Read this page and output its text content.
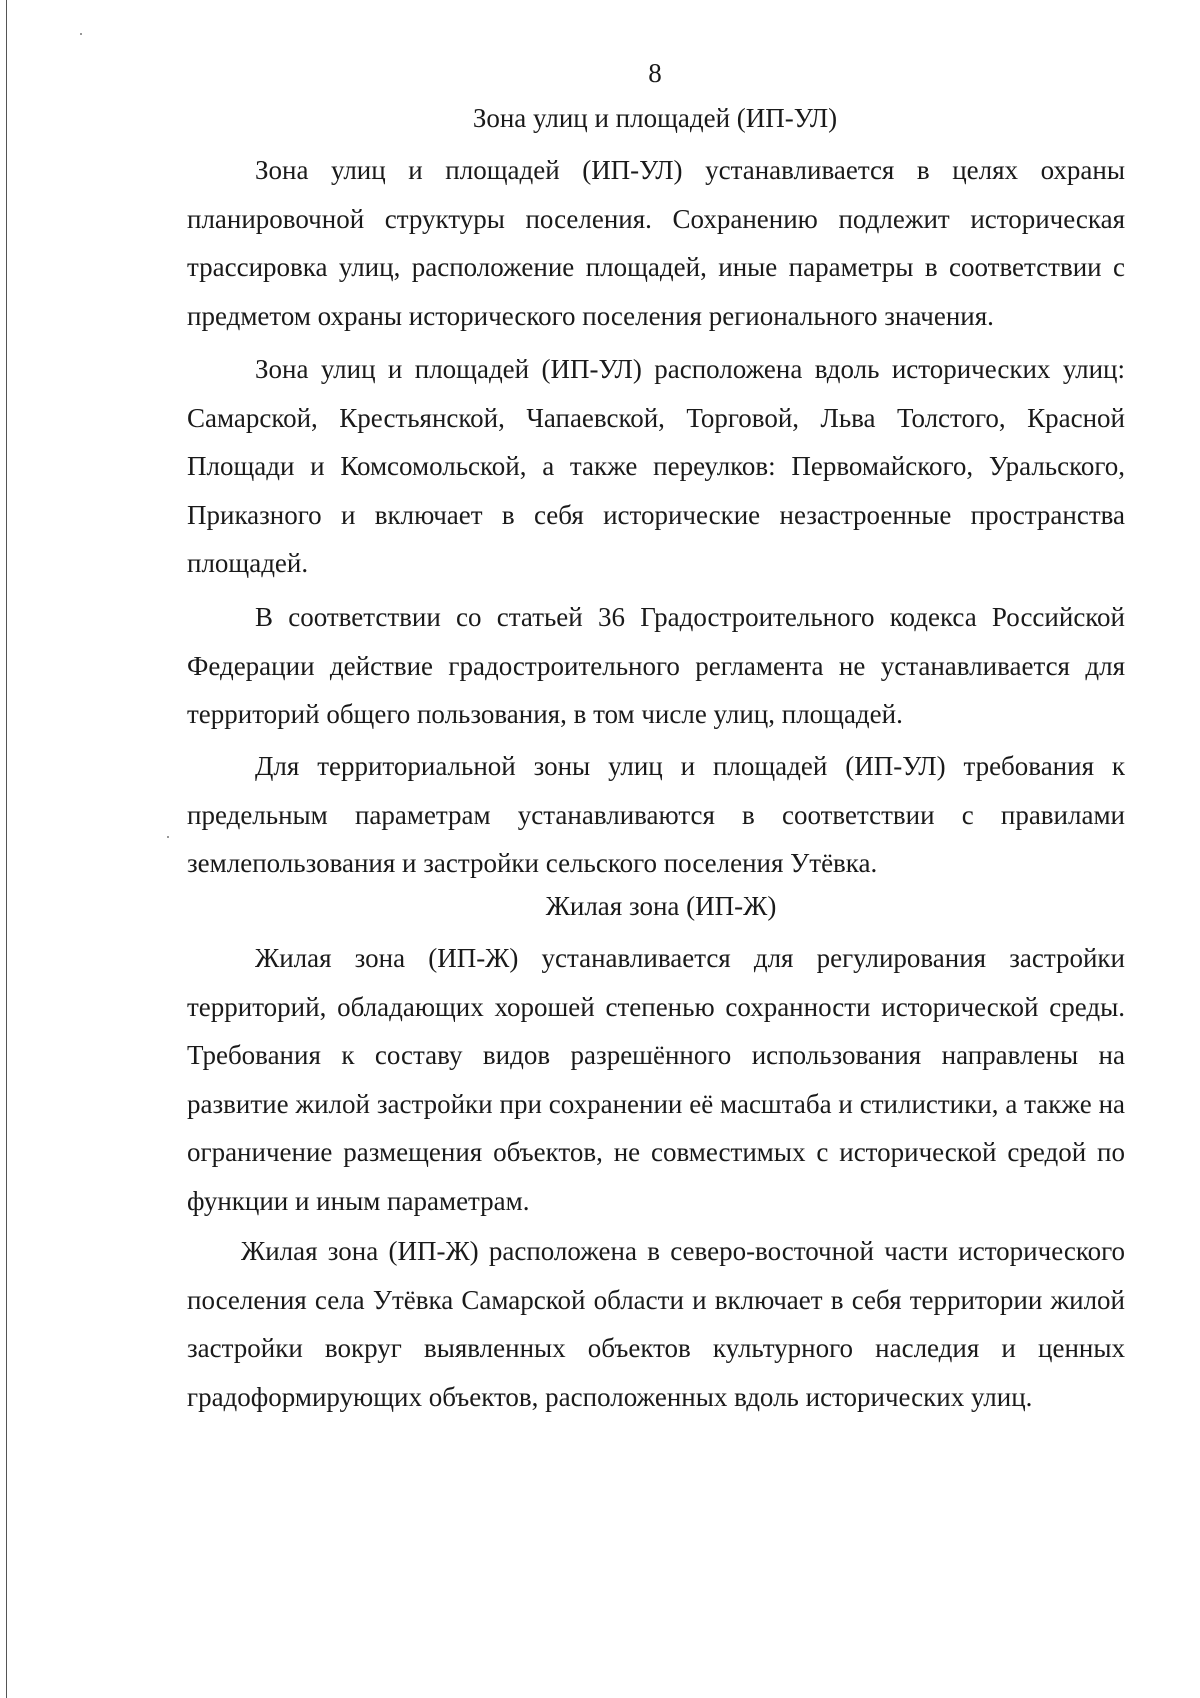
8
Зона улиц и площадей (ИП-УЛ)

Зона улиц и площадей (ИП-УЛ) устанавливается в целях охраны планировочной структуры поселения. Сохранению подлежит историческая трассировка улиц, расположение площадей, иные параметры в соответствии с предметом охраны исторического поселения регионального значения.

Зона улиц и площадей (ИП-УЛ) расположена вдоль исторических улиц: Самарской, Крестьянской, Чапаевской, Торговой, Льва Толстого, Красной Площади и Комсомольской, а также переулков: Первомайского, Уральского, Приказного и включает в себя исторические незастроенные пространства площадей.

В соответствии со статьей 36 Градостроительного кодекса Российской Федерации действие градостроительного регламента не устанавливается для территорий общего пользования, в том числе улиц, площадей.

Для территориальной зоны улиц и площадей (ИП-УЛ) требования к предельным параметрам устанавливаются в соответствии с правилами землепользования и застройки сельского поселения Утёвка.

Жилая зона (ИП-Ж)

Жилая зона (ИП-Ж) устанавливается для регулирования застройки территорий, обладающих хорошей степенью сохранности исторической среды. Требования к составу видов разрешённого использования направлены на развитие жилой застройки при сохранении её масштаба и стилистики, а также на ограничение размещения объектов, не совместимых с исторической средой по функции и иным параметрам.

Жилая зона (ИП-Ж) расположена в северо-восточной части исторического поселения села Утёвка Самарской области и включает в себя территории жилой застройки вокруг выявленных объектов культурного наследия и ценных градоформирующих объектов, расположенных вдоль исторических улиц.
